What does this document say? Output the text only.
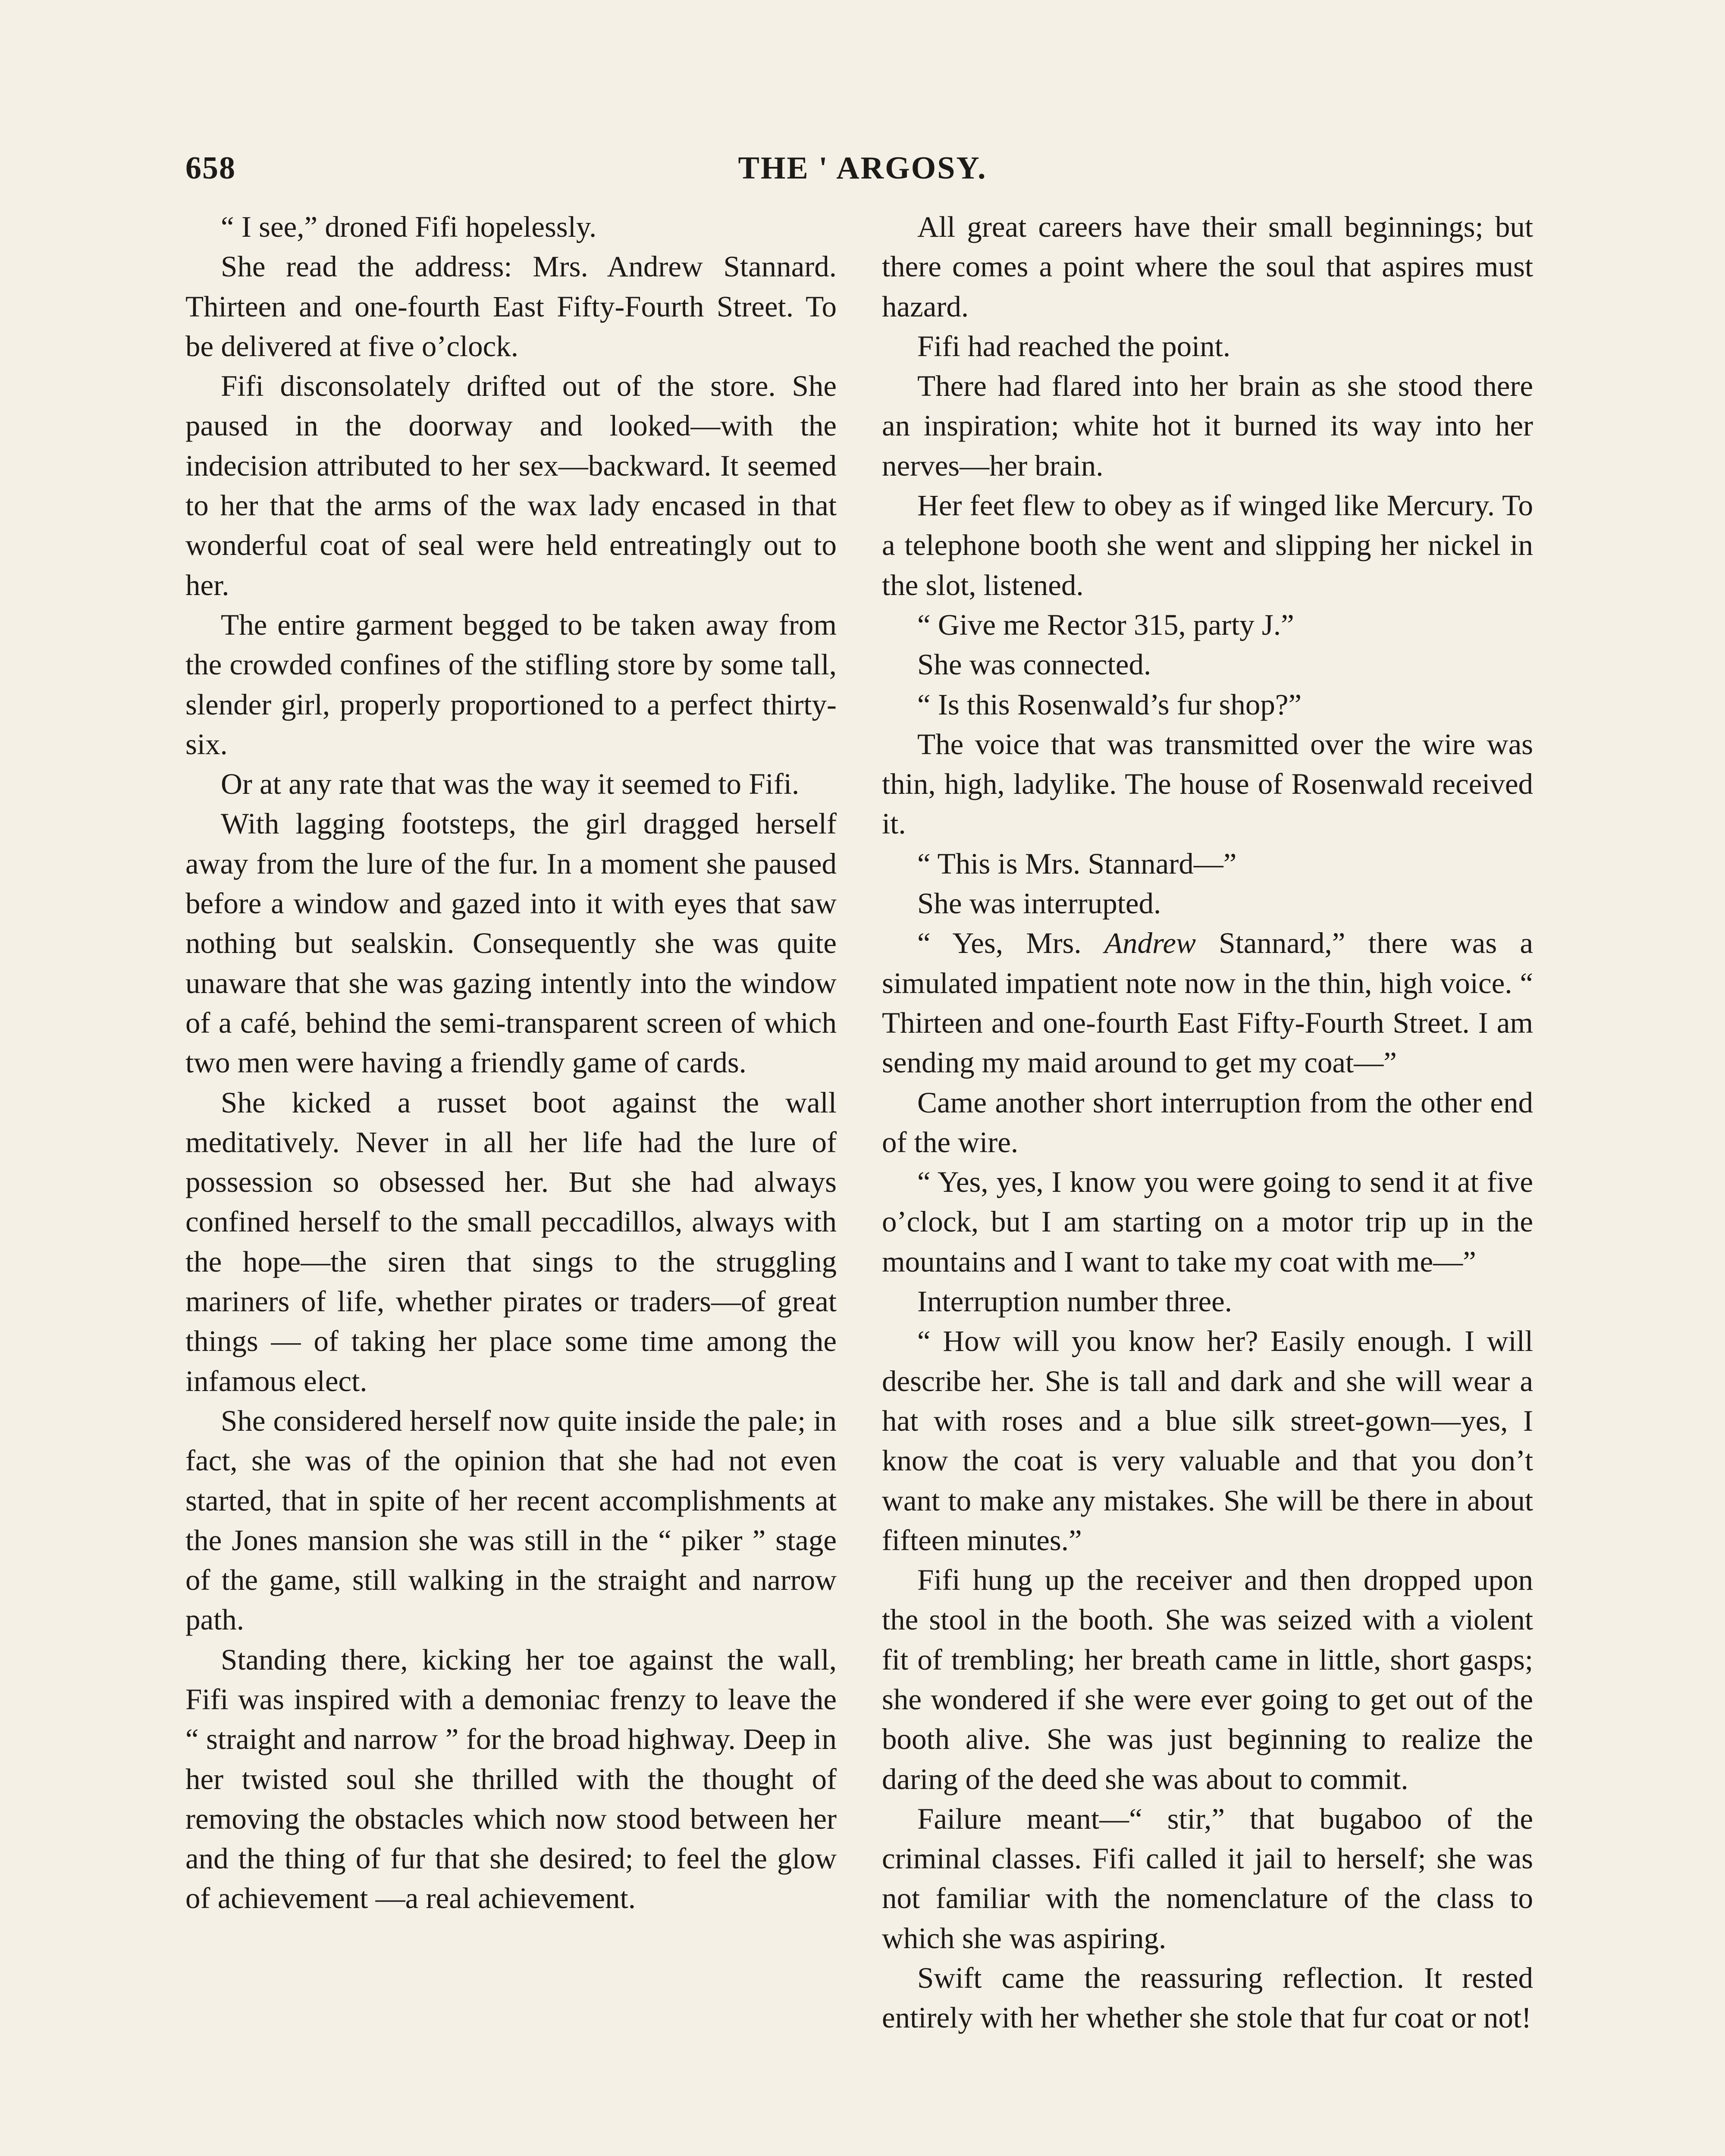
658	THE ' ARGOSY.

“ I see,” droned Fifi hopelessly.

She read the address: Mrs. Andrew Stannard. Thirteen and one-fourth East Fifty-Fourth Street. To be delivered at five o’clock.

Fifi disconsolately drifted out of the store. She paused in the doorway and looked—with the indecision attributed to her sex—backward. It seemed to her that the arms of the wax lady encased in that wonderful coat of seal were held entreatingly out to her.

The entire garment begged to be taken away from the crowded confines of the stifling store by some tall, slender girl, properly proportioned to a perfect thirty-six.

Or at any rate that was the way it seemed to Fifi.

With lagging footsteps, the girl dragged herself away from the lure of the fur. In a moment she paused before a window and gazed into it with eyes that saw nothing but sealskin. Consequently she was quite unaware that she was gazing intently into the window of a café, behind the semi-transparent screen of which two men were having a friendly game of cards.

She kicked a russet boot against the wall meditatively. Never in all her life had the lure of possession so obsessed her. But she had always confined herself to the small peccadillos, always with the hope—the siren that sings to the struggling mariners of life, whether pirates or traders—of great things — of taking her place some time among the infamous elect.

She considered herself now quite inside the pale; in fact, she was of the opinion that she had not even started, that in spite of her recent accomplishments at the Jones mansion she was still in the “ piker ” stage of the game, still walking in the straight and narrow path.

Standing there, kicking her toe against the wall, Fifi was inspired with a demoniac frenzy to leave the “ straight and narrow ” for the broad highway. Deep in her twisted soul she thrilled with the thought of removing the obstacles which now stood between her and the thing of fur that she desired; to feel the glow of achievement —a real achievement.

All great careers have their small beginnings; but there comes a point where the soul that aspires must hazard.

Fifi had reached the point.

There had flared into her brain as she stood there an inspiration; white hot it burned its way into her nerves—her brain.

Her feet flew to obey as if winged like Mercury. To a telephone booth she went and slipping her nickel in the slot, listened.

“ Give me Rector 315, party J.”

She was connected.

“ Is this Rosenwald’s fur shop?”

The voice that was transmitted over the wire was thin, high, ladylike. The house of Rosenwald received it.

“ This is Mrs. Stannard—”

She was interrupted.

“ Yes, Mrs. Andrew Stannard,” there was a simulated impatient note now in the thin, high voice. “ Thirteen and one-fourth East Fifty-Fourth Street. I am sending my maid around to get my coat—”

Came another short interruption from the other end of the wire.

“ Yes, yes, I know you were going to send it at five o’clock, but I am starting on a motor trip up in the mountains and I want to take my coat with me—”

Interruption number three.

“ How will you know her? Easily enough. I will describe her. She is tall and dark and she will wear a hat with roses and a blue silk street-gown—yes, I know the coat is very valuable and that you don’t want to make any mistakes. She will be there in about fifteen minutes.”

Fifi hung up the receiver and then dropped upon the stool in the booth. She was seized with a violent fit of trembling; her breath came in little, short gasps; she wondered if she were ever going to get out of the booth alive. She was just beginning to realize the daring of the deed she was about to commit.

Failure meant—“ stir,” that bugaboo of the criminal classes. Fifi called it jail to herself; she was not familiar with the nomenclature of the class to which she was aspiring.

Swift came the reassuring reflection. It rested entirely with her whether she stole that fur coat or not!
